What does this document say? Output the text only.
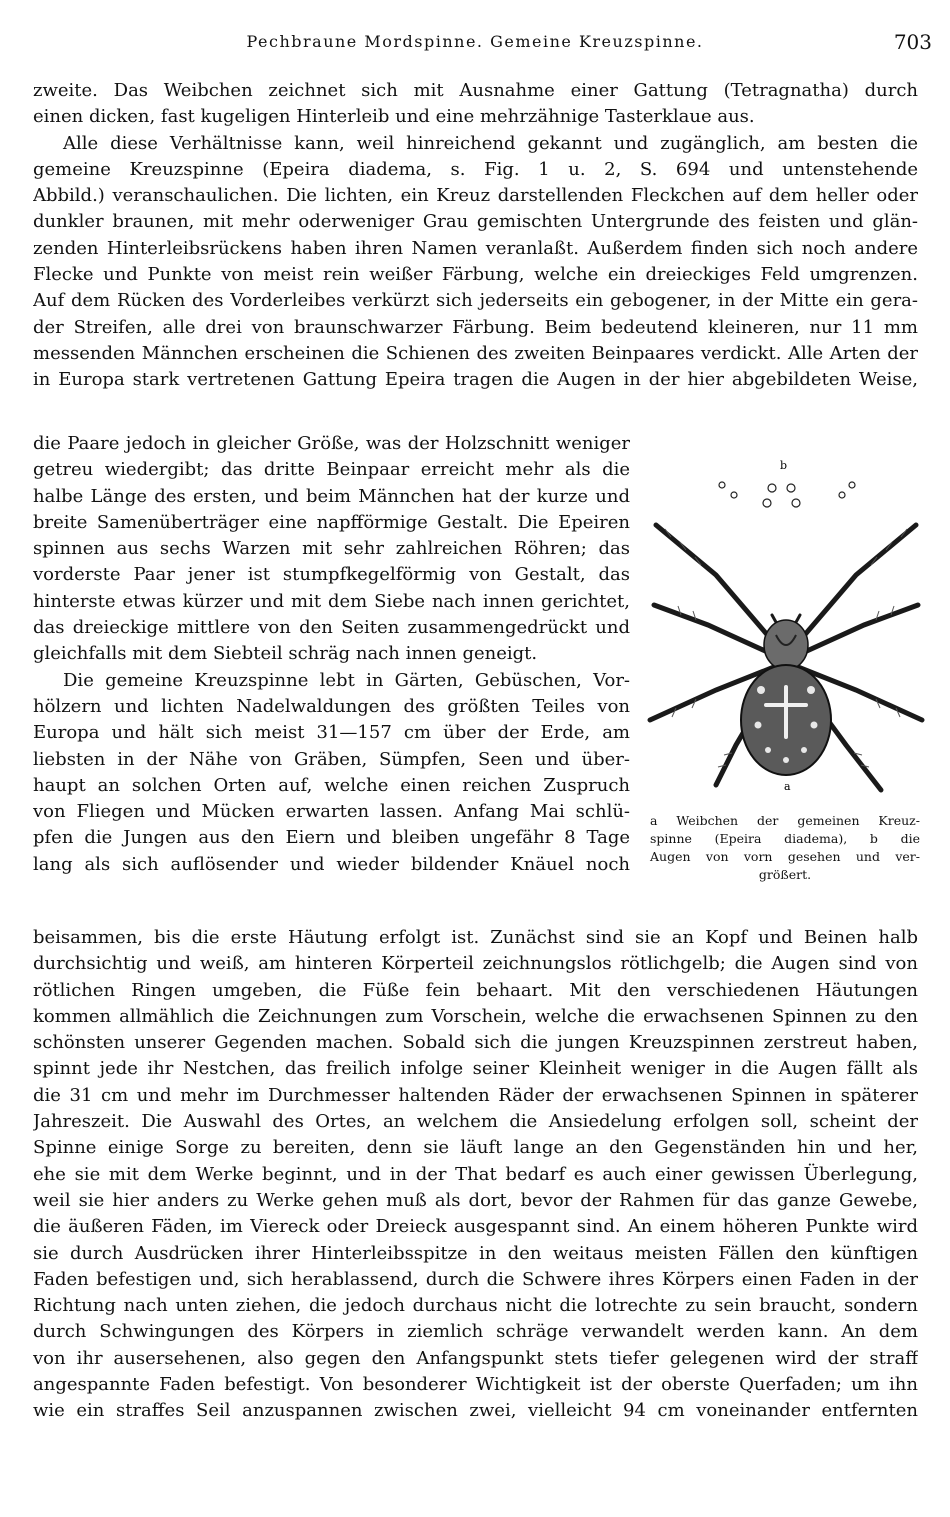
Pechbraune Mordspinne. Gemeine Kreuzspinne.	703
zweite. Das Weibchen zeichnet sich mit Ausnahme einer Gattung (Tetragnatha) durch
einen dicken, fast kugeligen Hinterleib und eine mehrzähnige Tasterklaue aus.
Alle diese Verhältnisse kann, weil hinreichend gekannt und zugänglich, am besten die
gemeine Kreuzspinne (Epeira diadema, s. Fig. 1 u. 2, S. 694 und untenstehende
Abbild.) veranschaulichen. Die lichten, ein Kreuz darstellenden Fleckchen auf dem heller oder
dunkler braunen, mit mehr oderweniger Grau gemischten Untergrunde des feisten und glän-
zenden Hinterleibsrückens haben ihren Namen veranlaßt. Außerdem finden sich noch andere
Flecke und Punkte von meist rein weißer Färbung, welche ein dreieckiges Feld umgrenzen.
Auf dem Rücken des Vorderleibes verkürzt sich jederseits ein gebogener, in der Mitte ein gera-
der Streifen, alle drei von braunschwarzer Färbung. Beim bedeutend kleineren, nur 11 mm
messenden Männchen erscheinen die Schienen des zweiten Beinpaares verdickt. Alle Arten der
in Europa stark vertretenen Gattung Epeira tragen die Augen in der hier abgebildeten Weise,
die Paare jedoch in gleicher Größe, was der Holzschnitt weniger
getreu wiedergibt; das dritte Beinpaar erreicht mehr als die
halbe Länge des ersten, und beim Männchen hat der kurze und
breite Samenüberträger eine napfförmige Gestalt. Die Epeiren
spinnen aus sechs Warzen mit sehr zahlreichen Röhren; das
vorderste Paar jener ist stumpfkegelförmig von Gestalt, das
hinterste etwas kürzer und mit dem Siebe nach innen gerichtet,
das dreieckige mittlere von den Seiten zusammengedrückt und
gleichfalls mit dem Siebteil schräg nach innen geneigt.
Die gemeine Kreuzspinne lebt in Gärten, Gebüschen, Vor-
hölzern und lichten Nadelwaldungen des größten Teiles von
Europa und hält sich meist 31—157 cm über der Erde, am
liebsten in der Nähe von Gräben, Sümpfen, Seen und über-
haupt an solchen Orten auf, welche einen reichen Zuspruch
von Fliegen und Mücken erwarten lassen. Anfang Mai schlü-
pfen die Jungen aus den Eiern und bleiben ungefähr 8 Tage
lang als sich auflösender und wieder bildender Knäuel noch
beisammen, bis die erste Häutung erfolgt ist. Zunächst sind sie an Kopf und Beinen halb
durchsichtig und weiß, am hinteren Körperteil zeichnungslos rötlichgelb; die Augen sind von
rötlichen Ringen umgeben, die Füße fein behaart. Mit den verschiedenen Häutungen
kommen allmählich die Zeichnungen zum Vorschein, welche die erwachsenen Spinnen zu den
schönsten unserer Gegenden machen. Sobald sich die jungen Kreuzspinnen zerstreut haben,
spinnt jede ihr Nestchen, das freilich infolge seiner Kleinheit weniger in die Augen fällt als
die 31 cm und mehr im Durchmesser haltenden Räder der erwachsenen Spinnen in späterer
Jahreszeit. Die Auswahl des Ortes, an welchem die Ansiedelung erfolgen soll, scheint der
Spinne einige Sorge zu bereiten, denn sie läuft lange an den Gegenständen hin und her,
ehe sie mit dem Werke beginnt, und in der That bedarf es auch einer gewissen Überlegung,
weil sie hier anders zu Werke gehen muß als dort, bevor der Rahmen für das ganze Gewebe,
die äußeren Fäden, im Viereck oder Dreieck ausgespannt sind. An einem höheren Punkte wird
sie durch Ausdrücken ihrer Hinterleibsspitze in den weitaus meisten Fällen den künftigen
Faden befestigen und, sich herablassend, durch die Schwere ihres Körpers einen Faden in der
Richtung nach unten ziehen, die jedoch durchaus nicht die lotrechte zu sein braucht, sondern
durch Schwingungen des Körpers in ziemlich schräge verwandelt werden kann. An dem
von ihr ausersehenen, also gegen den Anfangspunkt stets tiefer gelegenen wird der straff
angespannte Faden befestigt. Von besonderer Wichtigkeit ist der oberste Querfaden; um ihn
wie ein straffes Seil anzuspannen zwischen zwei, vielleicht 94 cm voneinander entfernten
b
a
a Weibchen der gemeinen Kreuz-
spinne (Epeira diadema), b die
Augen von vorn gesehen und ver-
größert.
